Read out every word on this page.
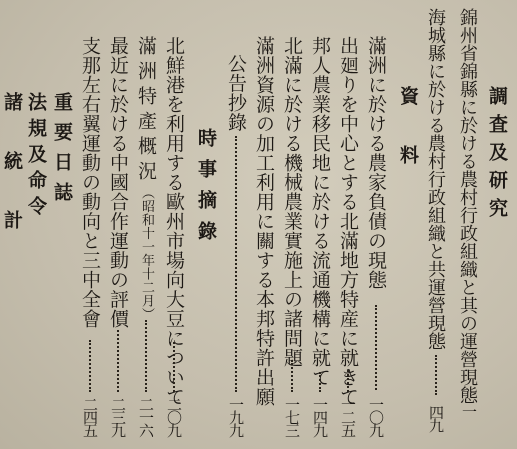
調査及研究
錦州省錦縣に於ける農村行政組織と其の運營現態
一
海城縣に於ける農村行政組織と共運營現態
四九
資料
滿洲に於ける農家負債の現態
一〇九
出廻りを中心とする北滿地方特産に就きて
一二五
邦人農業移民地に於ける流通機構に就て
一四九
北滿に於ける機械農業實施上の諸問題
一七三
滿洲資源の加工利用に關する本邦特許出願
公告抄錄
一九九
時事摘錄
北鮮港を利用する歐州市場向大豆について
二〇九
滿洲特產概況（昭和十一年十二月）
二一六
最近に於ける中國合作運動の評價
二三九
支那左右翼運動の動向と三中全會
二四五
重要日誌
法規及命令
諸統計
